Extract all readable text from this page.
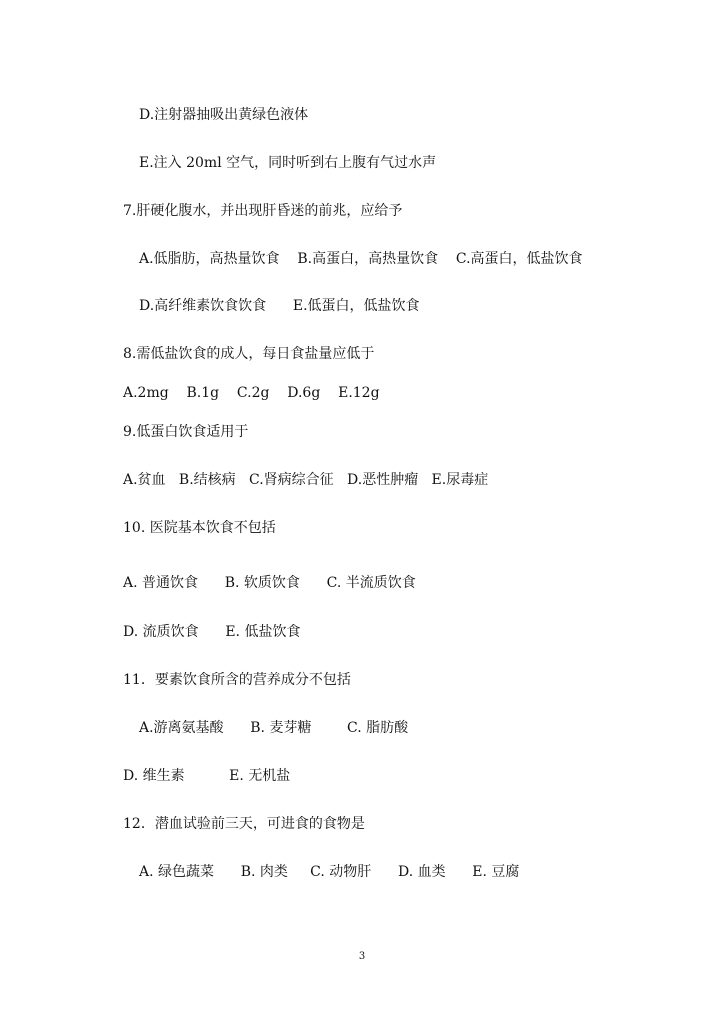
D.注射器抽吸出黄绿色液体
E.注入 20ml 空气，同时听到右上腹有气过水声
7.肝硬化腹水，并出现肝昏迷的前兆，应给予
A.低脂肪，高热量饮食    B.高蛋白，高热量饮食    C.高蛋白，低盐饮食
D.高纤维素饮食饮食      E.低蛋白，低盐饮食
8.需低盐饮食的成人，每日食盐量应低于
A.2mg    B.1g    C.2g    D.6g    E.12g
9.低蛋白饮食适用于
A.贫血   B.结核病   C.肾病综合征   D.恶性肿瘤   E.尿毒症
10. 医院基本饮食不包括
A. 普通饮食      B. 软质饮食      C. 半流质饮食
D. 流质饮食      E. 低盐饮食
11．要素饮食所含的营养成分不包括
A.游离氨基酸      B. 麦芽糖        C. 脂肪酸
D. 维生素          E. 无机盐
12．潜血试验前三天，可进食的食物是
A. 绿色蔬菜      B. 肉类     C. 动物肝      D. 血类      E. 豆腐
3
